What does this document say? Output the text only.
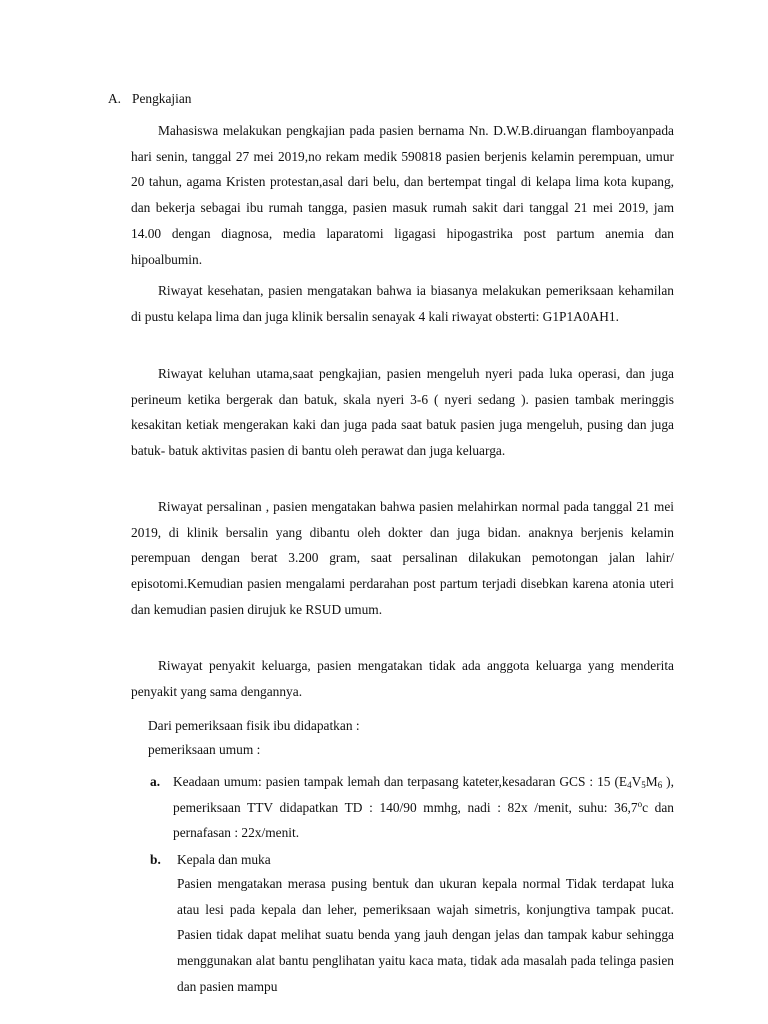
A. Pengkajian

Mahasiswa melakukan pengkajian pada pasien bernama Nn. D.W.B.diruangan flamboyanpada hari senin, tanggal 27 mei 2019,no rekam medik 590818 pasien berjenis kelamin perempuan, umur 20 tahun, agama Kristen protestan,asal dari belu, dan bertempat tingal di kelapa lima kota kupang, dan bekerja sebagai ibu rumah tangga, pasien masuk rumah sakit dari tanggal 21 mei 2019, jam 14.00 dengan diagnosa, media laparatomi ligagasi hipogastrika post partum anemia dan hipoalbumin.

Riwayat kesehatan, pasien mengatakan bahwa ia biasanya melakukan pemeriksaan kehamilan di pustu kelapa lima dan juga klinik bersalin senayak 4 kali riwayat obsterti: G1P1A0AH1.

Riwayat keluhan utama,saat pengkajian, pasien mengeluh nyeri pada luka operasi, dan juga perineum ketika bergerak dan batuk, skala nyeri 3-6 ( nyeri sedang ). pasien tambak meringgis kesakitan ketiak mengerakan kaki dan juga pada saat batuk pasien juga mengeluh, pusing dan juga batuk- batuk aktivitas pasien di bantu oleh perawat dan juga keluarga.

Riwayat persalinan , pasien mengatakan bahwa pasien melahirkan normal pada tanggal 21 mei 2019, di klinik bersalin yang dibantu oleh dokter dan juga bidan. anaknya berjenis kelamin perempuan dengan berat 3.200 gram, saat persalinan dilakukan pemotongan jalan lahir/ episotomi.Kemudian pasien mengalami perdarahan post partum terjadi disebkan karena atonia uteri dan kemudian pasien dirujuk ke RSUD umum.

Riwayat penyakit keluarga, pasien mengatakan tidak ada anggota keluarga yang menderita penyakit yang sama dengannya.

Dari pemeriksaan fisik ibu didapatkan :
pemeriksaan umum :
a. Keadaan umum: pasien tampak lemah dan terpasang kateter,kesadaran GCS : 15 ($E_4V_5M_6$ ), pemeriksaan TTV didapatkan TD : 140/90 mmhg, nadi : 82x /menit, suhu: 36,7$^o$c dan pernafasan : 22x/menit.
b. Kepala dan muka
Pasien mengatakan merasa pusing bentuk dan ukuran kepala normal Tidak terdapat luka atau lesi pada kepala dan leher, pemeriksaan wajah simetris, konjungtiva tampak pucat. Pasien tidak dapat melihat suatu benda yang jauh dengan jelas dan tampak kabur sehingga menggunakan alat bantu penglihatan yaitu kaca mata, tidak ada masalah pada telinga pasien dan pasien mampu
